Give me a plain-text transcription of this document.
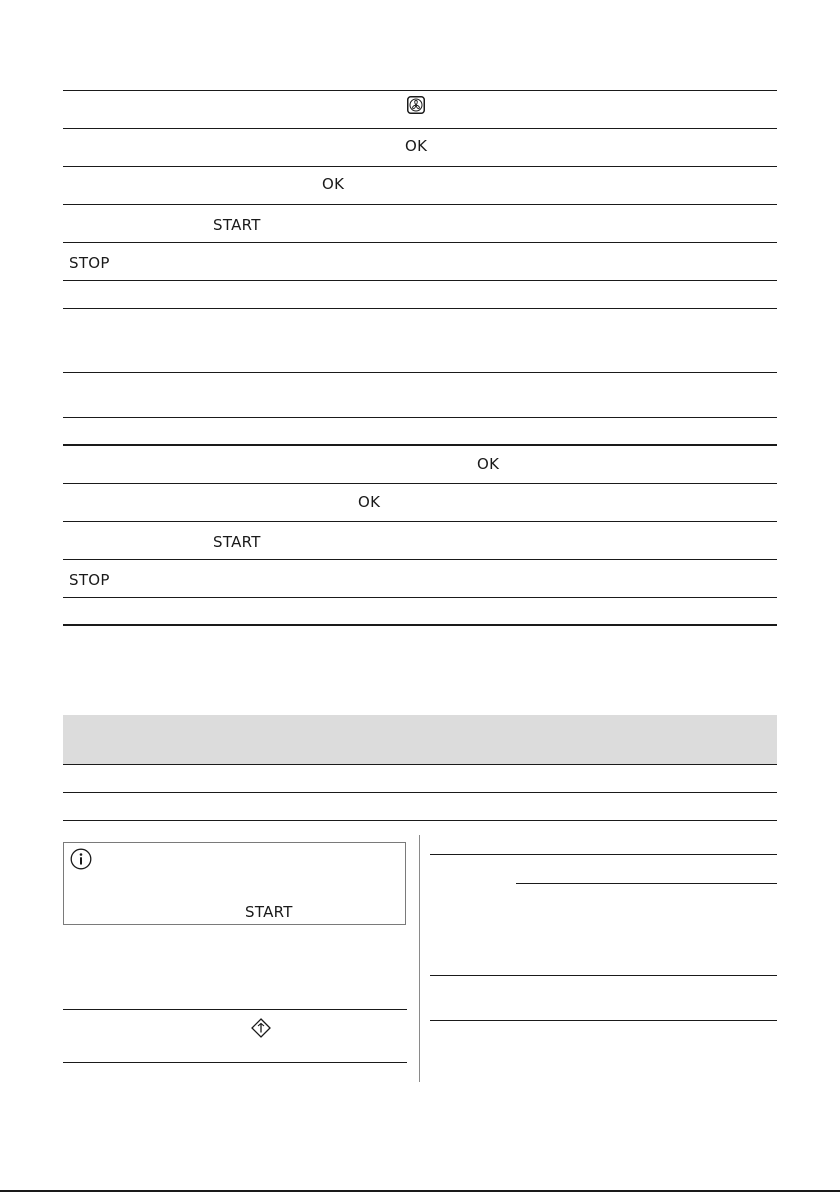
OK
OK
START
STOP
OK
OK
START
STOP
START
